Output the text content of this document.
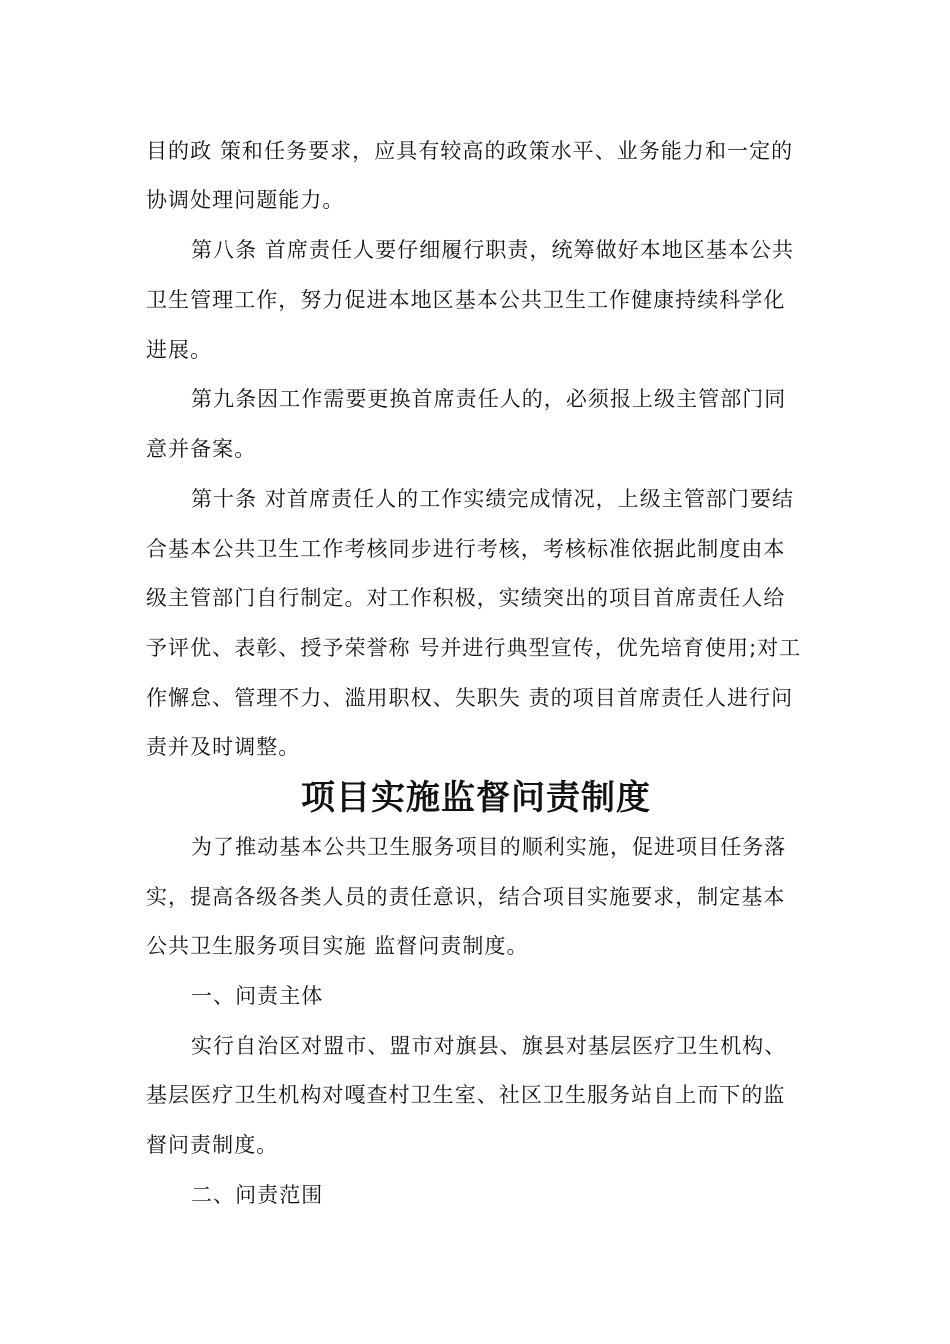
目的政 策和任务要求，应具有较高的政策水平、业务能力和一定的
协调处理问题能力。
第八条 首席责任人要仔细履行职责，统筹做好本地区基本公共
卫生管理工作，努力促进本地区基本公共卫生工作健康持续科学化
进展。
第九条因工作需要更换首席责任人的，必须报上级主管部门同
意并备案。
第十条 对首席责任人的工作实绩完成情况，上级主管部门要结
合基本公共卫生工作考核同步进行考核，考核标准依据此制度由本
级主管部门自行制定。对工作积极，实绩突出的项目首席责任人给
予评优、表彰、授予荣誉称 号并进行典型宣传，优先培育使用;对工
作懈怠、管理不力、滥用职权、失职失 责的项目首席责任人进行问
责并及时调整。
项目实施监督问责制度
为了推动基本公共卫生服务项目的顺利实施，促进项目任务落
实，提高各级各类人员的责任意识，结合项目实施要求，制定基本
公共卫生服务项目实施 监督问责制度。
一、问责主体
实行自治区对盟市、盟市对旗县、旗县对基层医疗卫生机构、
基层医疗卫生机构对嘎查村卫生室、社区卫生服务站自上而下的监
督问责制度。
二、问责范围
